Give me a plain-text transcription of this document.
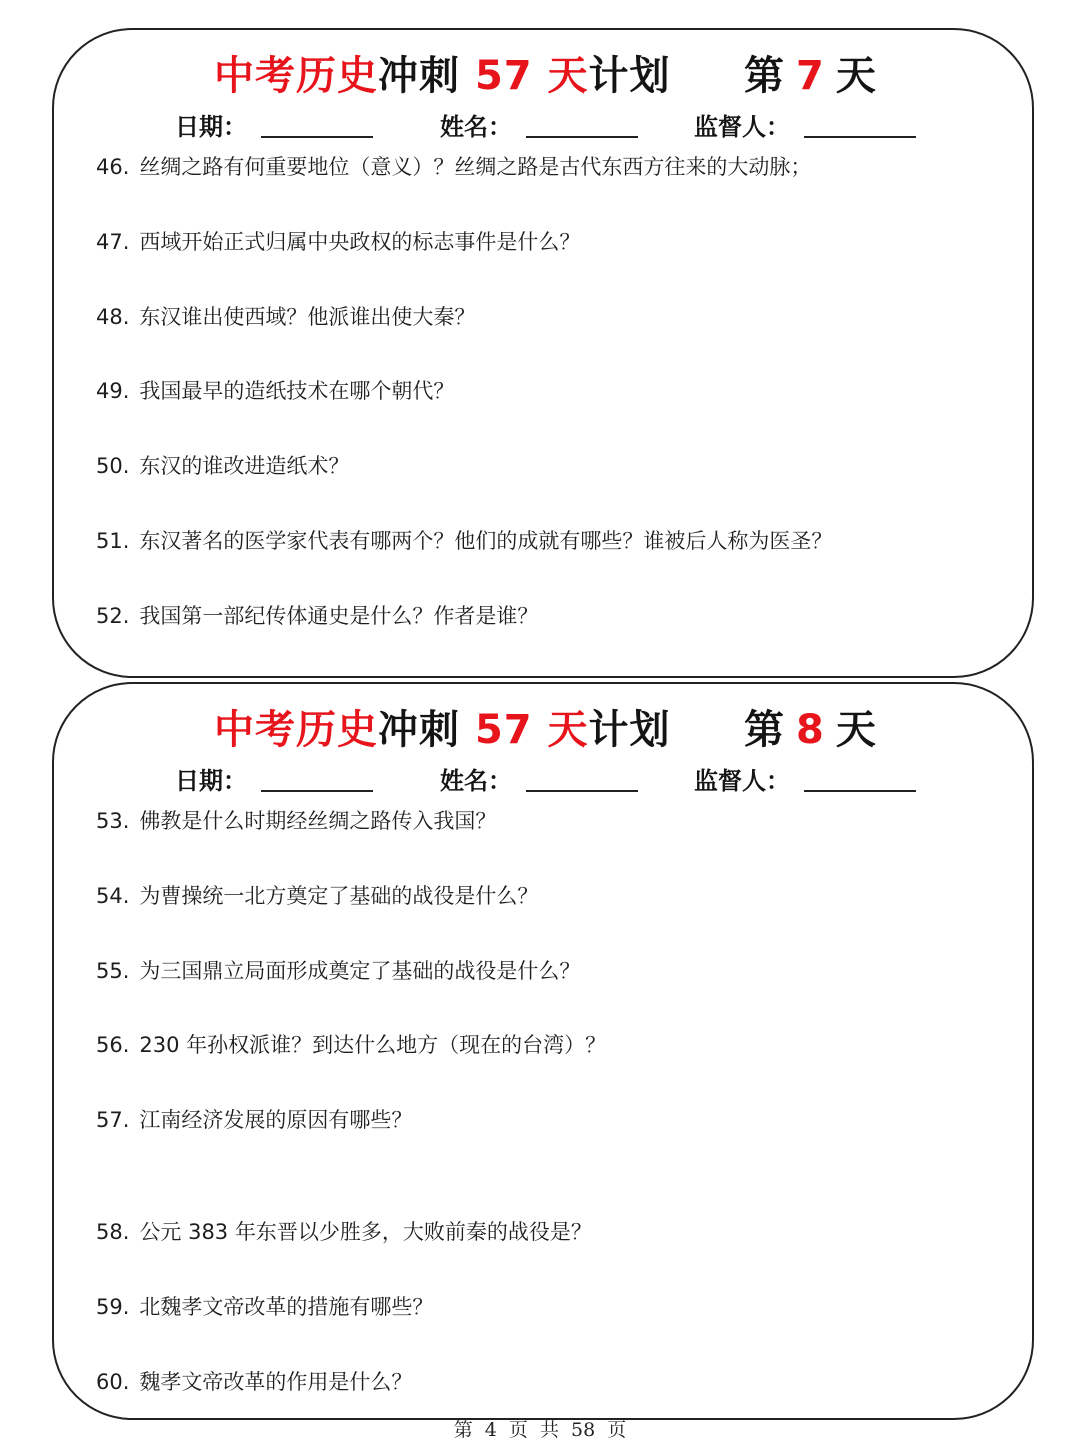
中考历史冲刺 57 天计划 第 7 天
日期：	姓名：	监督人：
46. 丝绸之路有何重要地位（意义）？丝绸之路是古代东西方往来的大动脉；
47. 西域开始正式归属中央政权的标志事件是什么？
48. 东汉谁出使西域？他派谁出使大秦？
49. 我国最早的造纸技术在哪个朝代？
50. 东汉的谁改进造纸术？
51. 东汉著名的医学家代表有哪两个？他们的成就有哪些？谁被后人称为医圣？
52. 我国第一部纪传体通史是什么？作者是谁？
中考历史冲刺 57 天计划 第 8 天
日期：	姓名：	监督人：
53. 佛教是什么时期经丝绸之路传入我国？
54. 为曹操统一北方奠定了基础的战役是什么？
55. 为三国鼎立局面形成奠定了基础的战役是什么？
56. 230 年孙权派谁？到达什么地方（现在的台湾）？
57. 江南经济发展的原因有哪些？
58. 公元 383 年东晋以少胜多，大败前秦的战役是？
59. 北魏孝文帝改革的措施有哪些？
60. 魏孝文帝改革的作用是什么？
第 4 页 共 58 页
